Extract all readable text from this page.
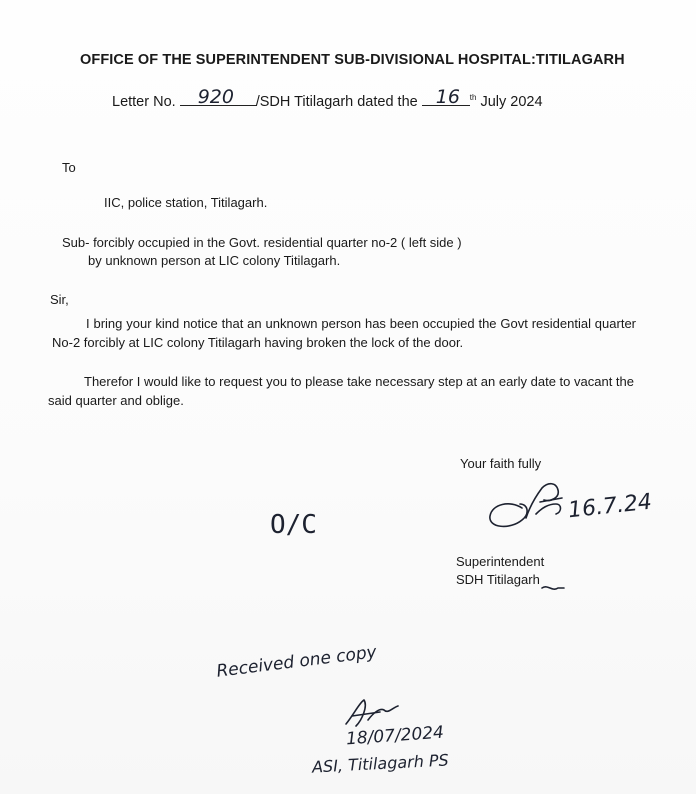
OFFICE OF THE SUPERINTENDENT SUB-DIVISIONAL HOSPITAL:TITILAGARH
Letter No. 920 /SDH Titilagarh dated the 16 $^{th}$ July 2024
To
IIC, police station, Titilagarh.
Sub- forcibly occupied in the Govt. residential quarter no-2 ( left side )
by unknown person at LIC colony Titilagarh.
Sir,
I bring your kind notice that an unknown person has been occupied the Govt residential quarter No-2 forcibly at LIC colony Titilagarh having broken the lock of the door.
Therefor I would like to request you to please take necessary step at an early date to vacant the said quarter and oblige.
Your faith fully
16.7.24
O/C
Superintendent
SDH Titilagarh
Received one copy
18/07/2024
ASI, Titilagarh PS
